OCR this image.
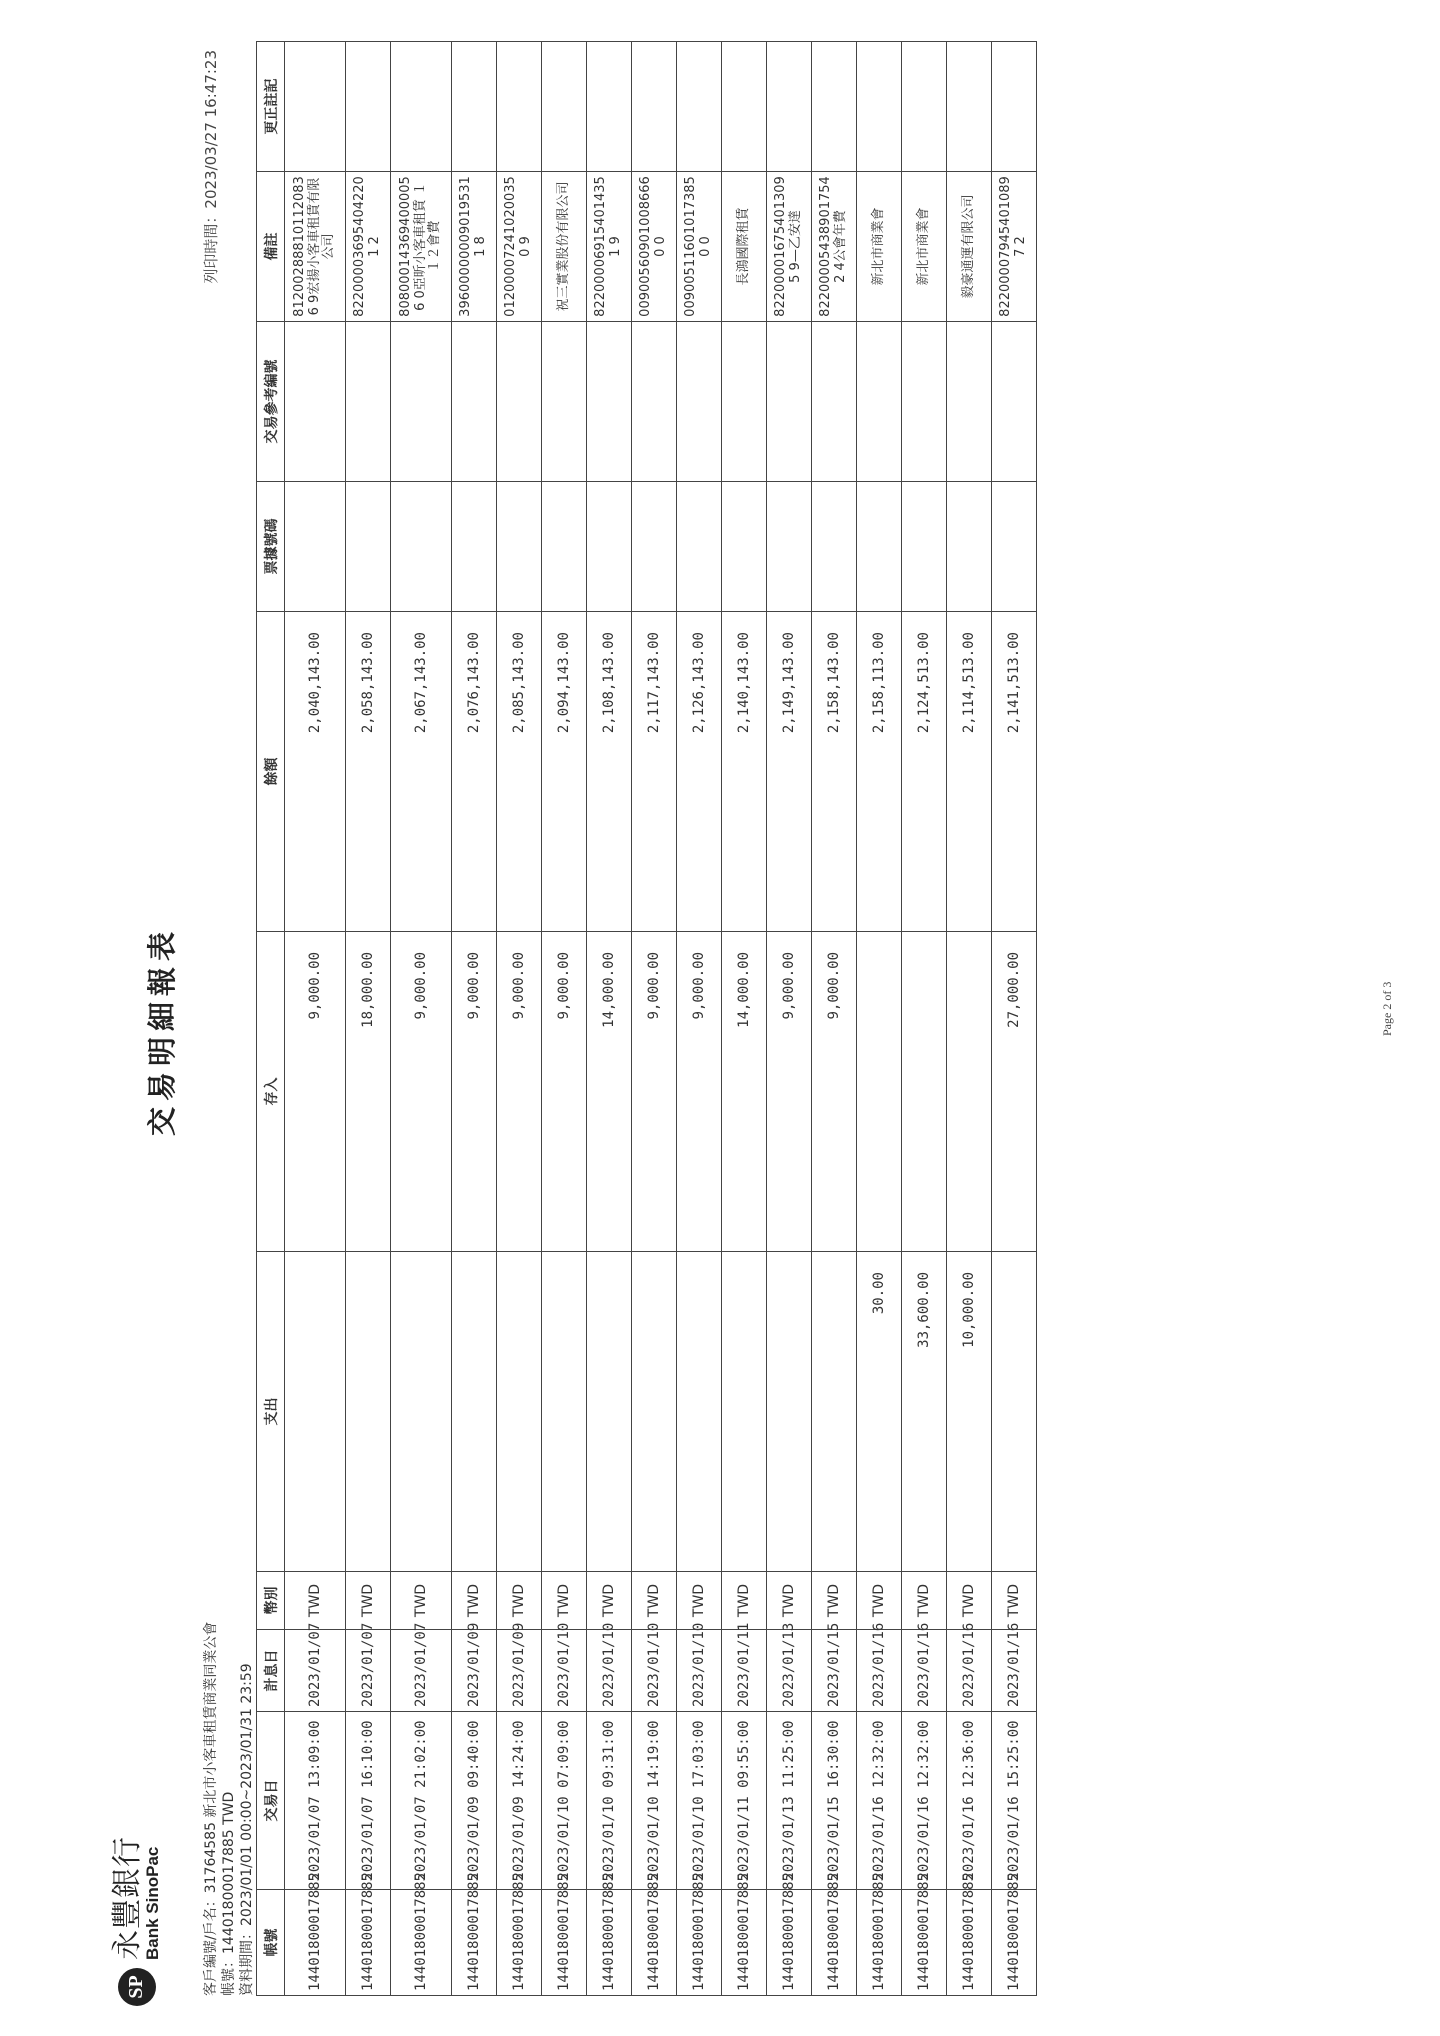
SP
永豐銀行
Bank SinoPac
交易明細報表
列印時間：2023/03/27 16:47:23
客戶編號/戶名：31764585 新北市小客車租賃商業同業公會 帳號：14401800017885 TWD 資料期間：2023/01/01 00:00~2023/01/31 23:59 帳號	交易日	計息日	幣別	支出	存入	餘額	票據號碼	交易參考編號	備註	更正註記
14401800017885	2023/01/07 13:09:00	2023/01/07	TWD		9,000.00	2,040,143.00			812002888101120836 9宏揚小客車租賃有限公司	
14401800017885	2023/01/07 16:10:00	2023/01/07	TWD		18,000.00	2,058,143.00			822000036954042201 2	
14401800017885	2023/01/07 21:02:00	2023/01/07	TWD		9,000.00	2,067,143.00			808000143694000056 0亞昕小客車租賃 １１２會費	
14401800017885	2023/01/09 09:40:00	2023/01/09	TWD		9,000.00	2,076,143.00			396000000090195311 8	
14401800017885	2023/01/09 14:24:00	2023/01/09	TWD		9,000.00	2,085,143.00			012000072410200350 9	
14401800017885	2023/01/10 07:09:00	2023/01/10	TWD		9,000.00	2,094,143.00			祝三實業股份有限公司	
14401800017885	2023/01/10 09:31:00	2023/01/10	TWD		14,000.00	2,108,143.00			822000069154014351 9	
14401800017885	2023/01/10 14:19:00	2023/01/10	TWD		9,000.00	2,117,143.00			009005609010086660 0	
14401800017885	2023/01/10 17:03:00	2023/01/10	TWD		9,000.00	2,126,143.00			009005116010173850 0	
14401800017885	2023/01/11 09:55:00	2023/01/11	TWD		14,000.00	2,140,143.00			長鴻國際租賃	
14401800017885	2023/01/13 11:25:00	2023/01/13	TWD		9,000.00	2,149,143.00			822000016754013095 9—乙安達	
14401800017885	2023/01/15 16:30:00	2023/01/15	TWD		9,000.00	2,158,143.00			822000054389017542 4公會年費	
14401800017885	2023/01/16 12:32:00	2023/01/16	TWD	30.00		2,158,113.00			新北市商業會	
14401800017885	2023/01/16 12:32:00	2023/01/16	TWD	33,600.00		2,124,513.00			新北市商業會	
14401800017885	2023/01/16 12:36:00	2023/01/16	TWD	10,000.00		2,114,513.00			毅豪通運有限公司	
14401800017885	2023/01/16 15:25:00	2023/01/16	TWD		27,000.00	2,141,513.00			822000079454010897 2	
Page 2 of 3
